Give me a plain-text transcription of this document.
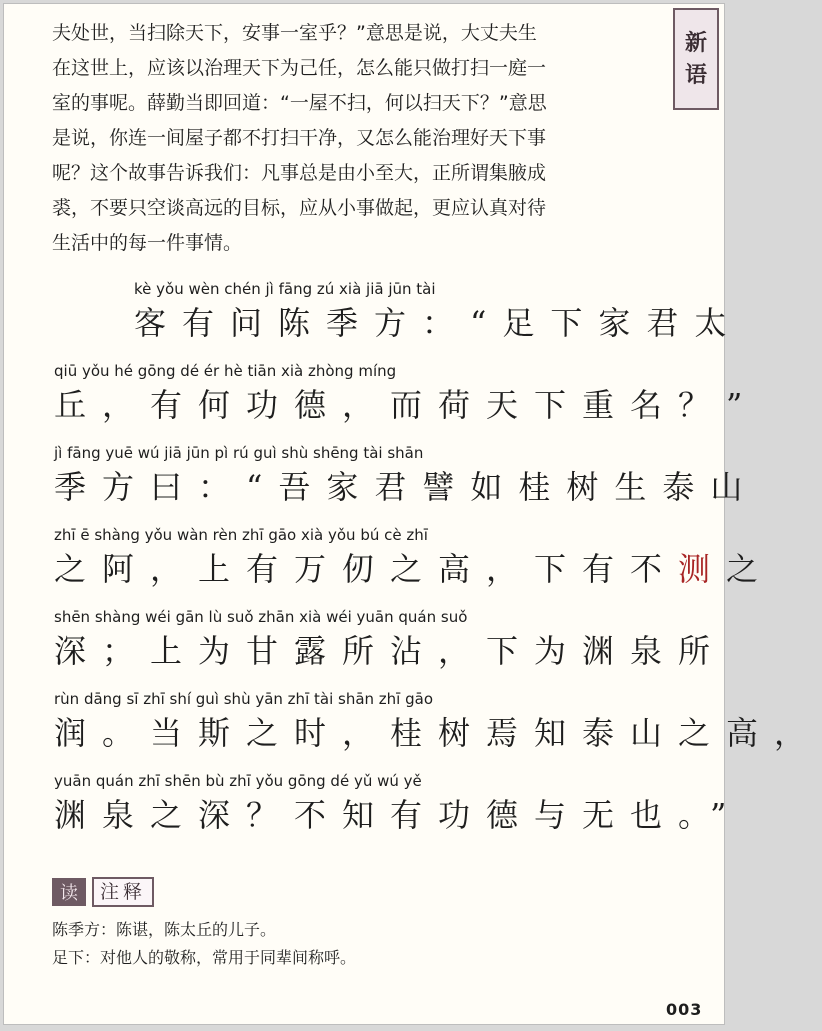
新
语

夫处世，当扫除天下，安事一室乎？”意思是说，大丈夫生
在这世上，应该以治理天下为己任，怎么能只做打扫一庭一
室的事呢。薛勤当即回道：“一屋不扫，何以扫天下？”意思
是说，你连一间屋子都不打扫干净，又怎么能治理好天下事
呢？这个故事告诉我们：凡事总是由小至大，正所谓集腋成
裘，不要只空谈高远的目标，应从小事做起，更应认真对待
生活中的每一件事情。

kè yǒu wèn chén jì fāng zú xià jiā jūn tài
客有问陈季方：“足下家君太
qiū yǒu hé gōng dé ér hè tiān xià zhòng míng
丘，有何功德，而荷天下重名？”
jì fāng yuē wú jiā jūn pì rú guì shù shēng tài shān
季方曰：“吾家君譬如桂树生泰山
zhī ē shàng yǒu wàn rèn zhī gāo xià yǒu bú cè zhī
之阿，上有万仞之高，下有不测之
shēn shàng wéi gān lù suǒ zhān xià wéi yuān quán suǒ
深；上为甘露所沾，下为渊泉所
rùn dāng sī zhī shí guì shù yān zhī tài shān zhī gāo
润。当斯之时，桂树焉知泰山之高，
yuān quán zhī shēn bù zhī yǒu gōng dé yǔ wú yě
渊泉之深？不知有功德与无也。”
读	注释
陈季方：陈谌，陈太丘的儿子。
足下：对他人的敬称，常用于同辈间称呼。
003
